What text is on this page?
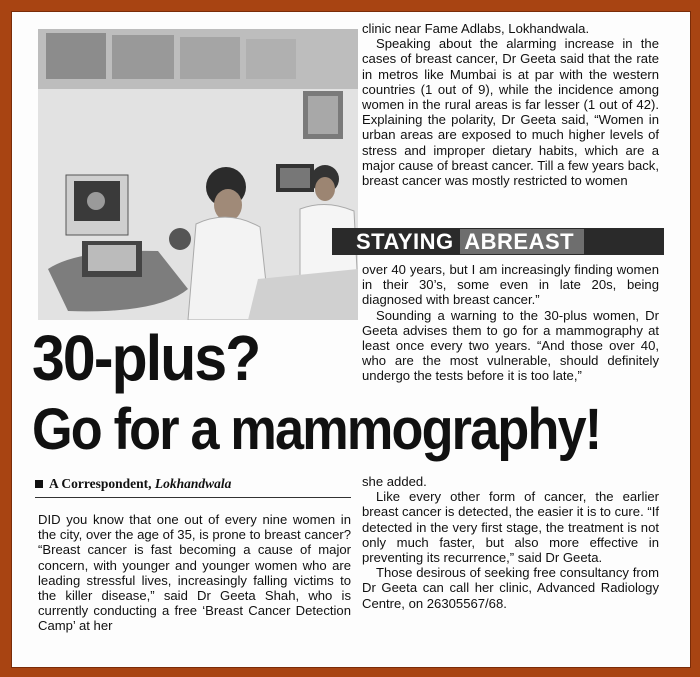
clinic near Fame Adlabs, Lokhandwala.

Speaking about the alarming increase in the cases of breast cancer, Dr Geeta said that the rate in metros like Mumbai is at par with the western countries (1 out of 9), while the incidence among women in the rural areas is far lesser (1 out of 42). Explaining the polarity, Dr Geeta said, “Women in urban areas are exposed to much higher levels of stress and improper dietary habits, which are a major cause of breast cancer. Till a few years back, breast cancer was mostly restricted to women

STAYING ABREAST

over 40 years, but I am increasingly finding women in their 30’s, some even in late 20s, being diagnosed with breast cancer.”

Sounding a warning to the 30-plus women, Dr Geeta advises them to go for a mammography at least once every two years. “And those over 40, who are the most vulnerable, should definitely undergo the tests before it is too late,”

30-plus?
Go for a mammography!
A Correspondent, Lokhandwala

DID you know that one out of every nine women in the city, over the age of 35, is prone to breast cancer? “Breast cancer is fast becoming a cause of major concern, with younger and younger women who are leading stressful lives, increasingly falling victims to the killer disease,” said Dr Geeta Shah, who is currently conducting a free ‘Breast Cancer Detection Camp’ at her

she added.

Like every other form of cancer, the earlier breast cancer is detected, the easier it is to cure. “If detected in the very first stage, the treatment is not only much faster, but also more effective in preventing its recurrence,” said Dr Geeta.

Those desirous of seeking free consultancy from Dr Geeta can call her clinic, Advanced Radiology Centre, on 26305567/68.
